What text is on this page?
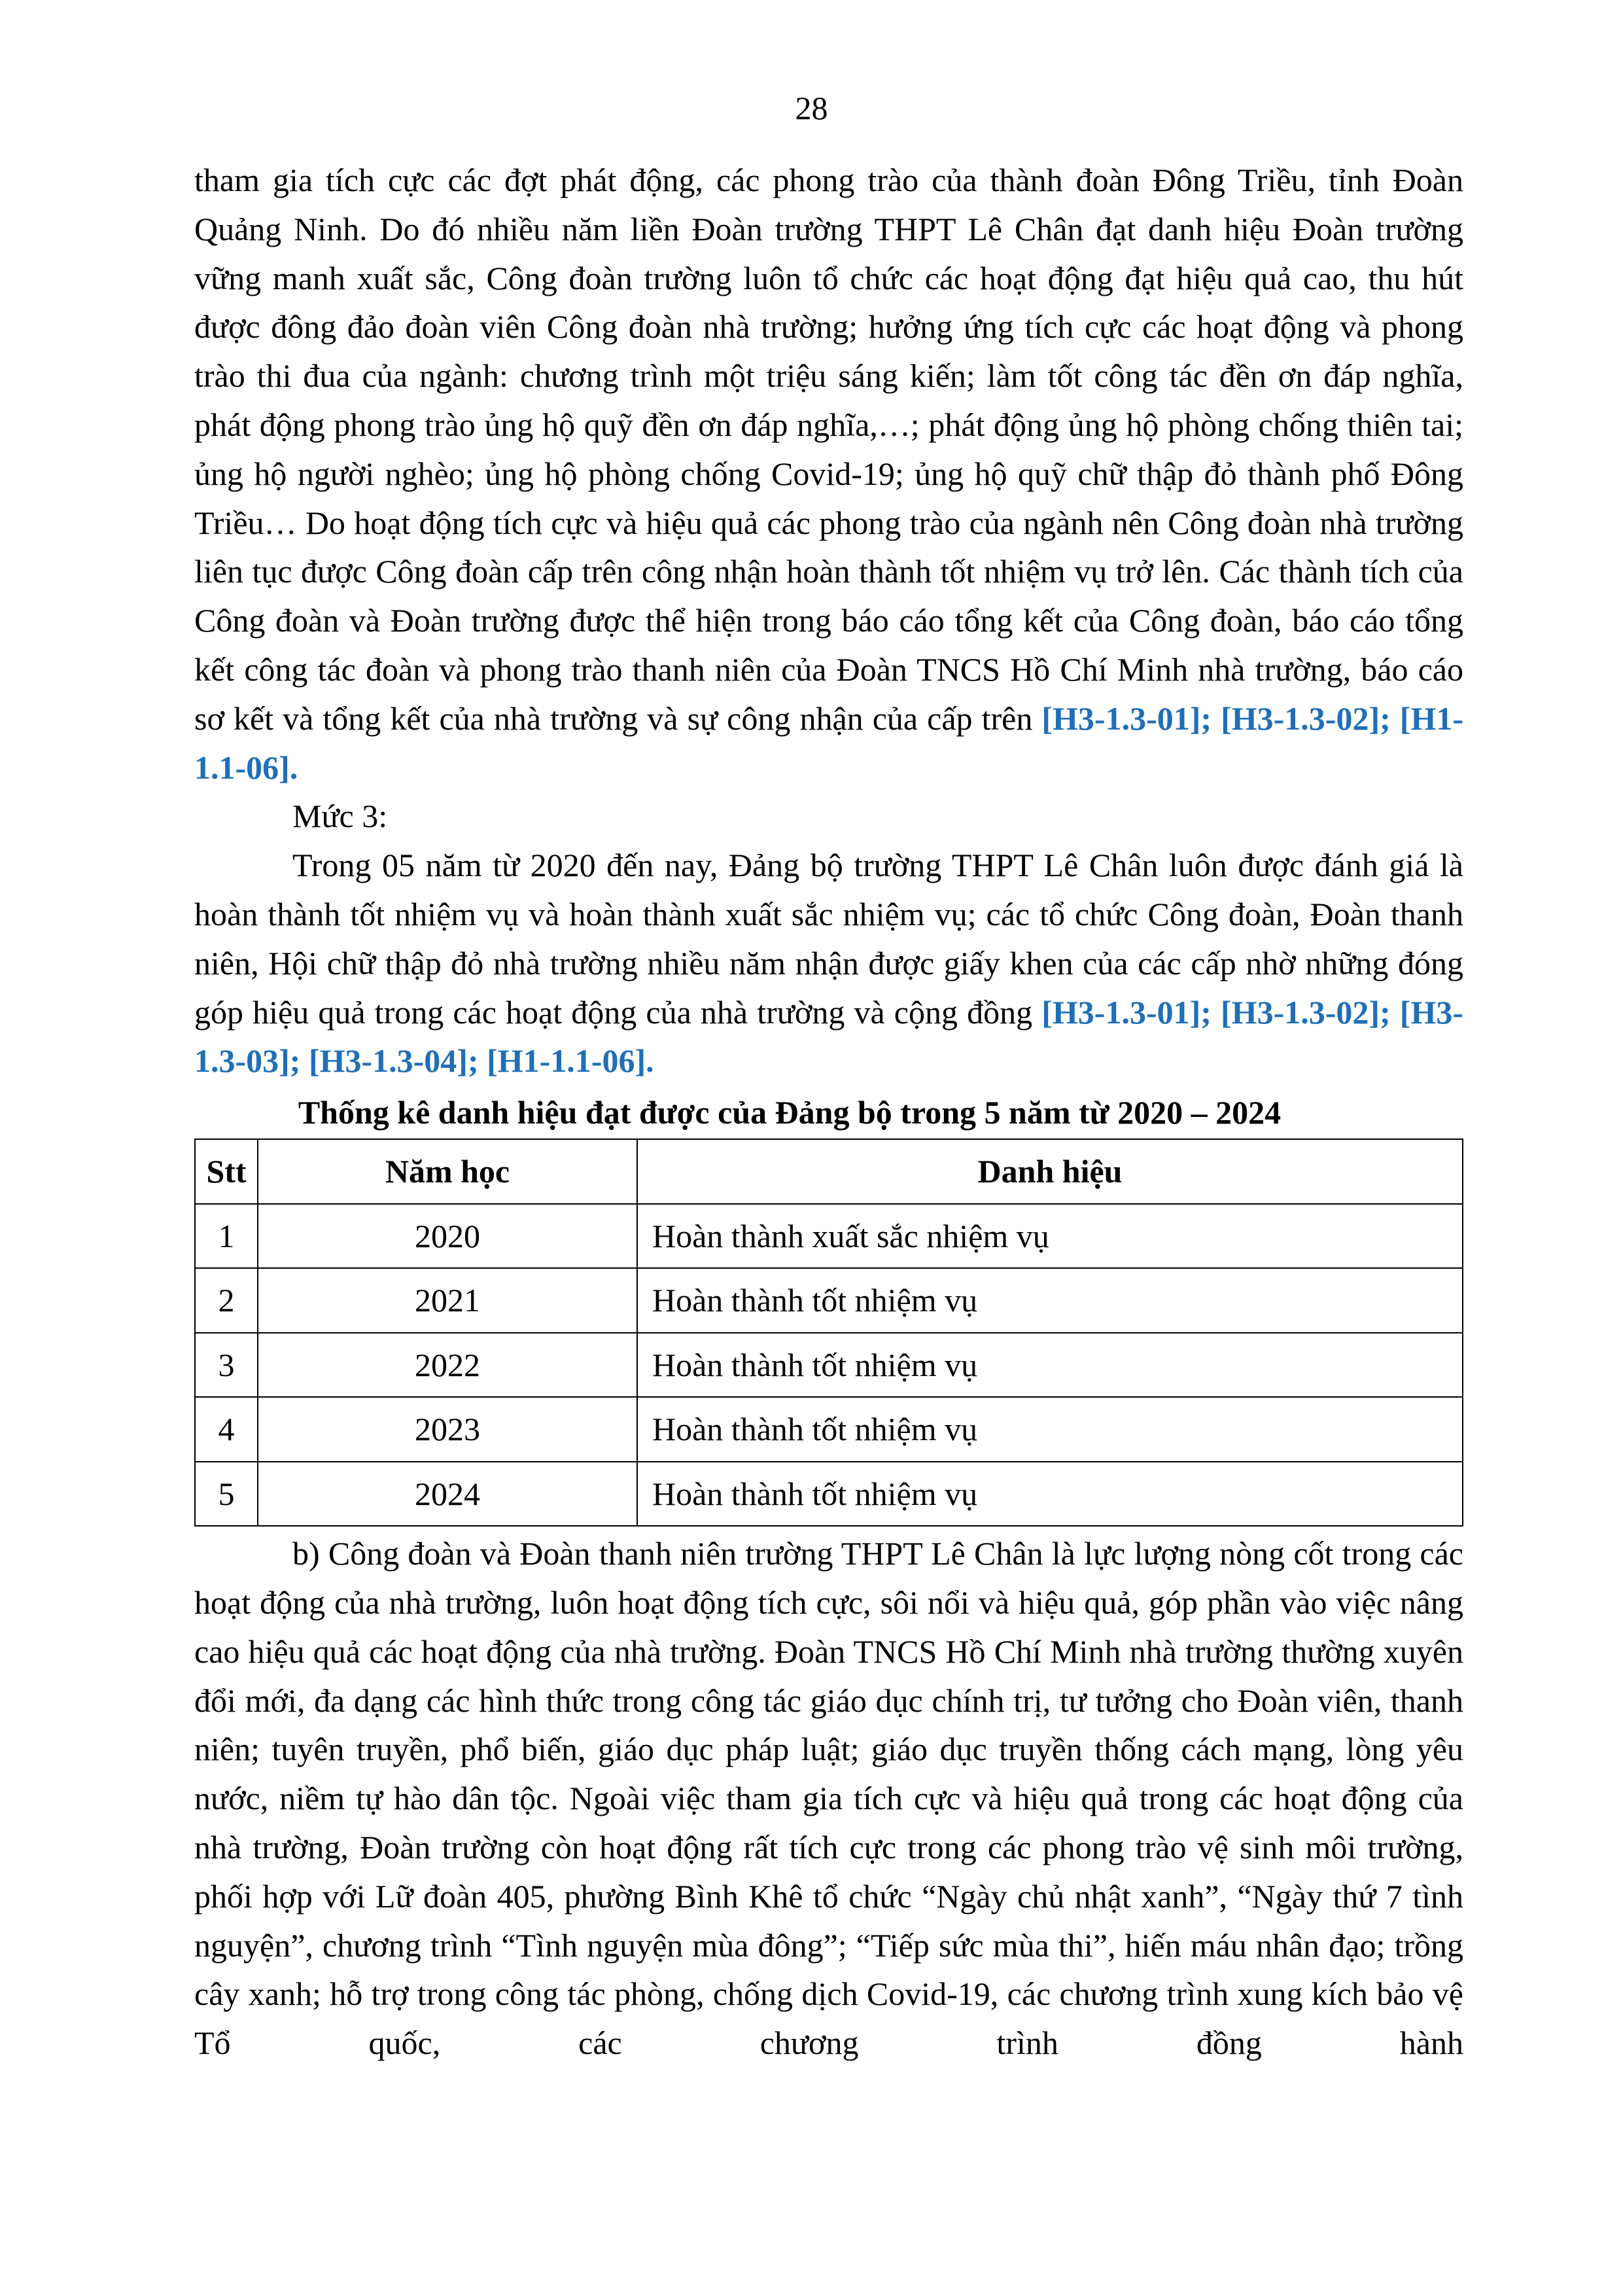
28

tham gia tích cực các đợt phát động, các phong trào của thành đoàn Đông Triều, tỉnh Đoàn Quảng Ninh. Do đó nhiều năm liền Đoàn trường THPT Lê Chân đạt danh hiệu Đoàn trường vững manh xuất sắc, Công đoàn trường luôn tổ chức các hoạt động đạt hiệu quả cao, thu hút được đông đảo đoàn viên Công đoàn nhà trường; hưởng ứng tích cực các hoạt động và phong trào thi đua của ngành: chương trình một triệu sáng kiến; làm tốt công tác đền ơn đáp nghĩa, phát động phong trào ủng hộ quỹ đền ơn đáp nghĩa,…; phát động ủng hộ phòng chống thiên tai; ủng hộ người nghèo; ủng hộ phòng chống Covid-19; ủng hộ quỹ chữ thập đỏ thành phố Đông Triều… Do hoạt động tích cực và hiệu quả các phong trào của ngành nên Công đoàn nhà trường liên tục được Công đoàn cấp trên công nhận hoàn thành tốt nhiệm vụ trở lên. Các thành tích của Công đoàn và Đoàn trường được thể hiện trong báo cáo tổng kết của Công đoàn, báo cáo tổng kết công tác đoàn và phong trào thanh niên của Đoàn TNCS Hồ Chí Minh nhà trường, báo cáo sơ kết và tổng kết của nhà trường và sự công nhận của cấp trên [H3-1.3-01]; [H3-1.3-02]; [H1-1.1-06].

Mức 3:

Trong 05 năm từ 2020 đến nay, Đảng bộ trường THPT Lê Chân luôn được đánh giá là hoàn thành tốt nhiệm vụ và hoàn thành xuất sắc nhiệm vụ; các tổ chức Công đoàn, Đoàn thanh niên, Hội chữ thập đỏ nhà trường nhiều năm nhận được giấy khen của các cấp nhờ những đóng góp hiệu quả trong các hoạt động của nhà trường và cộng đồng [H3-1.3-01]; [H3-1.3-02]; [H3-1.3-03]; [H3-1.3-04]; [H1-1.1-06].

Thống kê danh hiệu đạt được của Đảng bộ trong 5 năm từ 2020 – 2024

Stt	Năm học	Danh hiệu
1	2020	Hoàn thành xuất sắc nhiệm vụ
2	2021	Hoàn thành tốt nhiệm vụ
3	2022	Hoàn thành tốt nhiệm vụ
4	2023	Hoàn thành tốt nhiệm vụ
5	2024	Hoàn thành tốt nhiệm vụ

b) Công đoàn và Đoàn thanh niên trường THPT Lê Chân là lực lượng nòng cốt trong các hoạt động của nhà trường, luôn hoạt động tích cực, sôi nổi và hiệu quả, góp phần vào việc nâng cao hiệu quả các hoạt động của nhà trường. Đoàn TNCS Hồ Chí Minh nhà trường thường xuyên đổi mới, đa dạng các hình thức trong công tác giáo dục chính trị, tư tưởng cho Đoàn viên, thanh niên; tuyên truyền, phổ biến, giáo dục pháp luật; giáo dục truyền thống cách mạng, lòng yêu nước, niềm tự hào dân tộc. Ngoài việc tham gia tích cực và hiệu quả trong các hoạt động của nhà trường, Đoàn trường còn hoạt động rất tích cực trong các phong trào vệ sinh môi trường, phối hợp với Lữ đoàn 405, phường Bình Khê tổ chức “Ngày chủ nhật xanh”, “Ngày thứ 7 tình nguyện”, chương trình “Tình nguyện mùa đông”; “Tiếp sức mùa thi”, hiến máu nhân đạo; trồng cây xanh; hỗ trợ trong công tác phòng, chống dịch Covid-19, các chương trình xung kích bảo vệ Tổ quốc, các chương trình đồng hành
